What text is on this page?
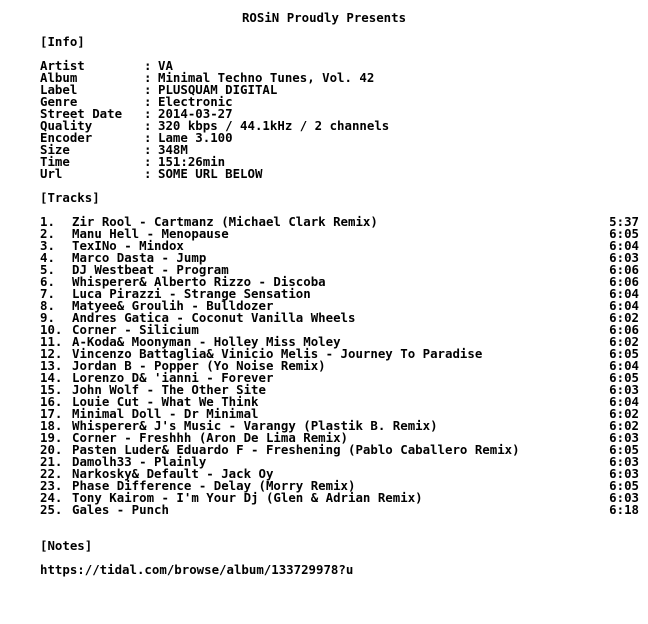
ROSiN Proudly Presents
[Info]
Artist	: VA
Album	: Minimal Techno Tunes, Vol. 42
Label	: PLUSQUAM DIGITAL
Genre	: Electronic
Street Date	: 2014-03-27
Quality	: 320 kbps / 44.1kHz / 2 channels
Encoder	: Lame 3.100
Size	: 348M
Time	: 151:26min
Url	: SOME URL BELOW
[Tracks]
1. Zir Rool - Cartmanz (Michael Clark Remix)	5:37
2. Manu Hell - Menopause	6:05
3. TexINo - Mindox	6:04
4. Marco Dasta - Jump	6:03
5. DJ Westbeat - Program	6:06
6. Whisperer& Alberto Rizzo - Discoba	6:06
7. Luca Pirazzi - Strange Sensation	6:04
8. Matyee& Groulih - Bulldozer	6:04
9. Andres Gatica - Coconut Vanilla Wheels	6:02
10. Corner - Silicium	6:06
11. A-Koda& Moonyman - Holley Miss Moley	6:02
12. Vincenzo Battaglia& Vinicio Melis - Journey To Paradise	6:05
13. Jordan B - Popper (Yo Noise Remix)	6:04
14. Lorenzo D& 'ianni - Forever	6:05
15. John Wolf - The Other Site	6:03
16. Louie Cut - What We Think	6:04
17. Minimal Doll - Dr Minimal	6:02
18. Whisperer& J's Music - Varangy (Plastik B. Remix)	6:02
19. Corner - Freshhh (Aron De Lima Remix)	6:03
20. Pasten Luder& Eduardo F - Freshening (Pablo Caballero Remix)	6:05
21. Damolh33 - Plainly	6:03
22. Narkosky& Default - Jack Oy	6:03
23. Phase Difference - Delay (Morry Remix)	6:05
24. Tony Kairom - I'm Your Dj (Glen & Adrian Remix)	6:03
25. Gales - Punch	6:18
[Notes]
https://tidal.com/browse/album/133729978?u
